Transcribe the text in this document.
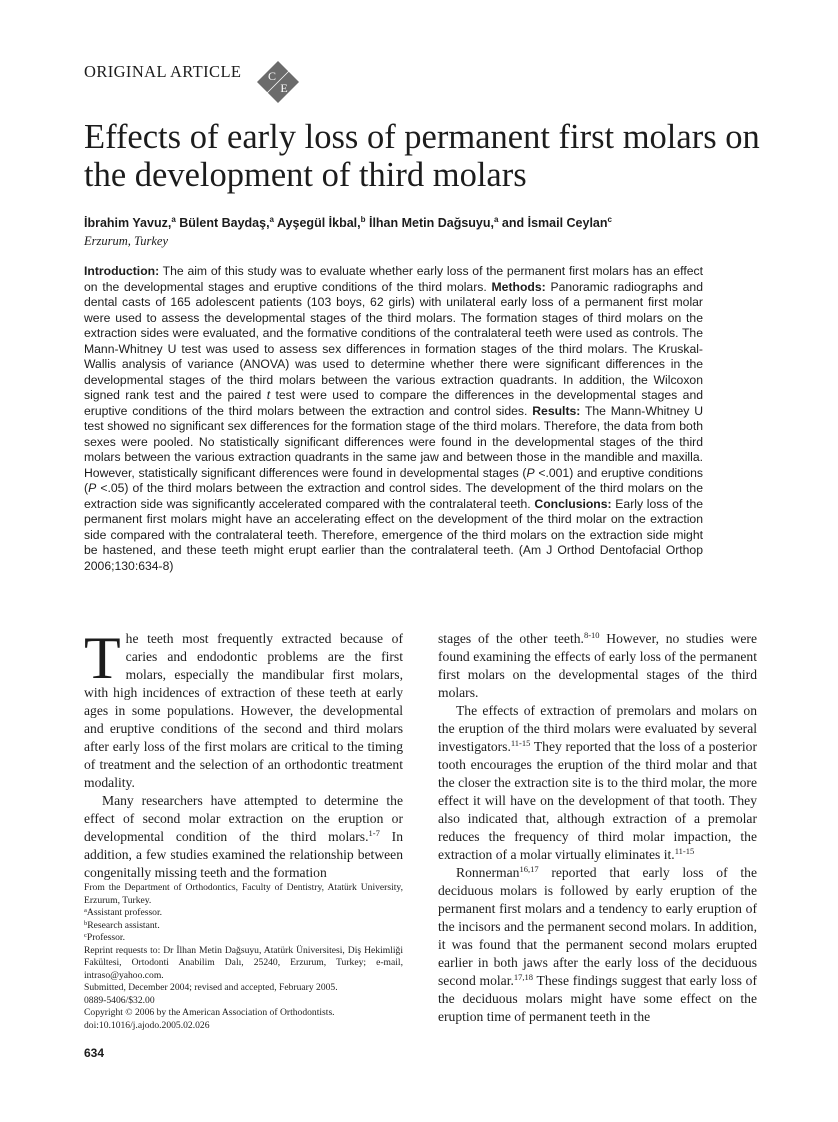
ORIGINAL ARTICLE C
E
Effects of early loss of permanent first molars on the development of third molars
İbrahim Yavuz,$^a$ Bülent Baydaş,$^a$ Ayşegül İkbal,$^b$ İlhan Metin Dağsuyu,$^a$ and İsmail Ceylan$^c$
Erzurum, Turkey

Introduction: The aim of this study was to evaluate whether early loss of the permanent first molars has an effect on the developmental stages and eruptive conditions of the third molars. Methods: Panoramic radiographs and dental casts of 165 adolescent patients (103 boys, 62 girls) with unilateral early loss of a permanent first molar were used to assess the developmental stages of the third molars. The formation stages of third molars on the extraction sides were evaluated, and the formative conditions of the contralateral teeth were used as controls. The Mann-Whitney U test was used to assess sex differences in formation stages of the third molars. The Kruskal-Wallis analysis of variance (ANOVA) was used to determine whether there were significant differences in the developmental stages of the third molars between the various extraction quadrants. In addition, the Wilcoxon signed rank test and the paired t test were used to compare the differences in the developmental stages and eruptive conditions of the third molars between the extraction and control sides. Results: The Mann-Whitney U test showed no significant sex differences for the formation stage of the third molars. Therefore, the data from both sexes were pooled. No statistically significant differences were found in the developmental stages of the third molars between the various extraction quadrants in the same jaw and between those in the mandible and maxilla. However, statistically significant differences were found in developmental stages (P <.001) and eruptive conditions (P <.05) of the third molars between the extraction and control sides. The development of the third molars on the extraction side was significantly accelerated compared with the contralateral teeth. Conclusions: Early loss of the permanent first molars might have an accelerating effect on the development of the third molar on the extraction side compared with the contralateral teeth. Therefore, emergence of the third molars on the extraction side might be hastened, and these teeth might erupt earlier than the contralateral teeth. (Am J Orthod Dentofacial Orthop 2006;130:634-8)

The teeth most frequently extracted because of caries and endodontic problems are the first molars, especially the mandibular first molars, with high incidences of extraction of these teeth at early ages in some populations. However, the developmental and eruptive conditions of the second and third molars after early loss of the first molars are critical to the timing of treatment and the selection of an orthodontic treatment modality.

Many researchers have attempted to determine the effect of second molar extraction on the eruption or developmental condition of the third molars.$^{1-7}$ In addition, a few studies examined the relationship between congenitally missing teeth and the formation

From the Department of Orthodontics, Faculty of Dentistry, Atatürk University, Erzurum, Turkey.
$^a$Assistant professor.
$^b$Research assistant.
$^c$Professor.
Reprint requests to: Dr İlhan Metin Dağsuyu, Atatürk Üniversitesi, Diş Hekimliği Fakültesi, Ortodonti Anabilim Dalı, 25240, Erzurum, Turkey; e-mail, intraso@yahoo.com.
Submitted, December 2004; revised and accepted, February 2005.
0889-5406/$32.00
Copyright © 2006 by the American Association of Orthodontists.
doi:10.1016/j.ajodo.2005.02.026

stages of the other teeth.$^{8-10}$ However, no studies were found examining the effects of early loss of the permanent first molars on the developmental stages of the third molars.

The effects of extraction of premolars and molars on the eruption of the third molars were evaluated by several investigators.$^{11-15}$ They reported that the loss of a posterior tooth encourages the eruption of the third molar and that the closer the extraction site is to the third molar, the more effect it will have on the development of that tooth. They also indicated that, although extraction of a premolar reduces the frequency of third molar impaction, the extraction of a molar virtually eliminates it.$^{11-15}$

Ronnerman$^{16,17}$ reported that early loss of the deciduous molars is followed by early eruption of the permanent first molars and a tendency to early eruption of the incisors and the permanent second molars. In addition, it was found that the permanent second molars erupted earlier in both jaws after the early loss of the deciduous second molar.$^{17,18}$ These findings suggest that early loss of the deciduous molars might have some effect on the eruption time of permanent teeth in the

634
